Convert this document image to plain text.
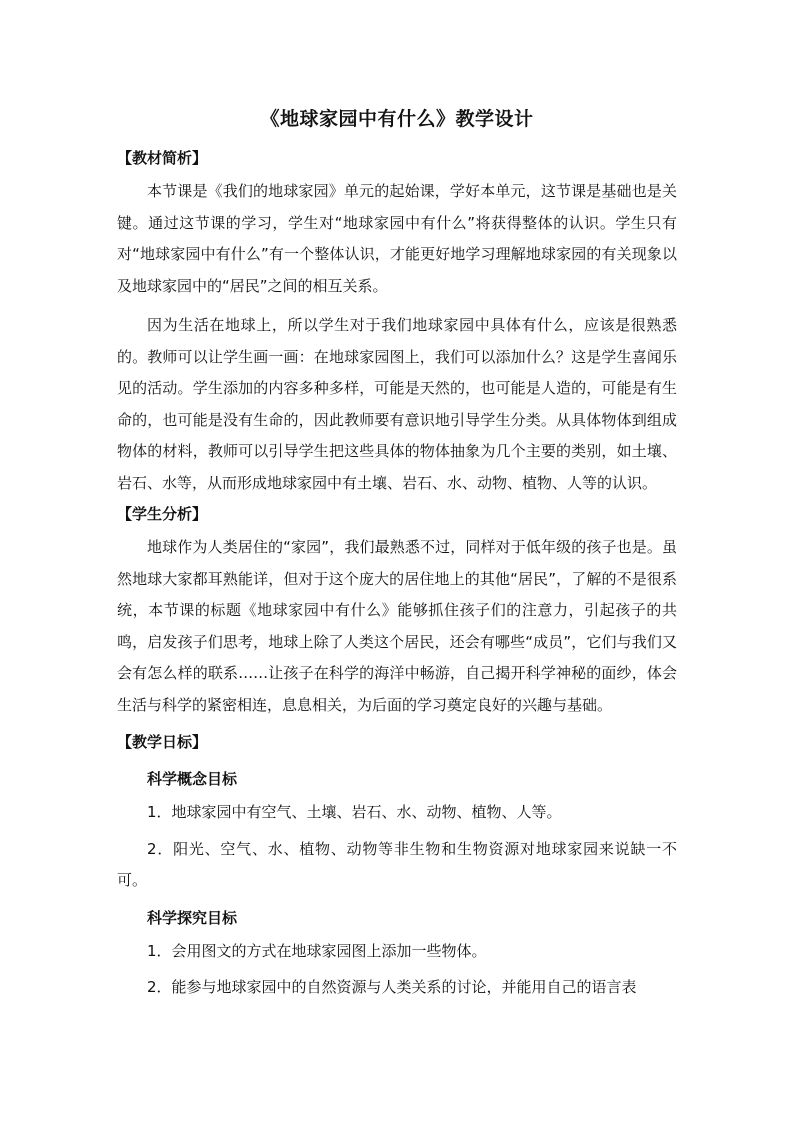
《地球家园中有什么》教学设计
【教材简析】

本节课是《我们的地球家园》单元的起始课，学好本单元，这节课是基础也是关键。通过这节课的学习，学生对“地球家园中有什么”将获得整体的认识。学生只有对“地球家园中有什么”有一个整体认识，才能更好地学习理解地球家园的有关现象以及地球家园中的“居民”之间的相互关系。

因为生活在地球上，所以学生对于我们地球家园中具体有什么，应该是很熟悉的。教师可以让学生画一画：在地球家园图上，我们可以添加什么？这是学生喜闻乐见的活动。学生添加的内容多种多样，可能是天然的，也可能是人造的，可能是有生命的，也可能是没有生命的，因此教师要有意识地引导学生分类。从具体物体到组成物体的材料，教师可以引导学生把这些具体的物体抽象为几个主要的类别，如土壤、岩石、水等，从而形成地球家园中有土壤、岩石、水、动物、植物、人等的认识。

【学生分析】

地球作为人类居住的“家园”，我们最熟悉不过，同样对于低年级的孩子也是。虽然地球大家都耳熟能详，但对于这个庞大的居住地上的其他“居民”，了解的不是很系统，本节课的标题《地球家园中有什么》能够抓住孩子们的注意力，引起孩子的共鸣，启发孩子们思考，地球上除了人类这个居民，还会有哪些“成员”，它们与我们又会有怎么样的联系……让孩子在科学的海洋中畅游，自己揭开科学神秘的面纱，体会生活与科学的紧密相连，息息相关，为后面的学习奠定良好的兴趣与基础。

【教学日标】
科学概念目标

1．地球家园中有空气、土壤、岩石、水、动物、植物、人等。

2．阳光、空气、水、植物、动物等非生物和生物资源对地球家园来说缺一不可。

科学探究目标

1．会用图文的方式在地球家园图上添加一些物体。

2．能参与地球家园中的自然资源与人类关系的讨论，并能用自己的语言表
